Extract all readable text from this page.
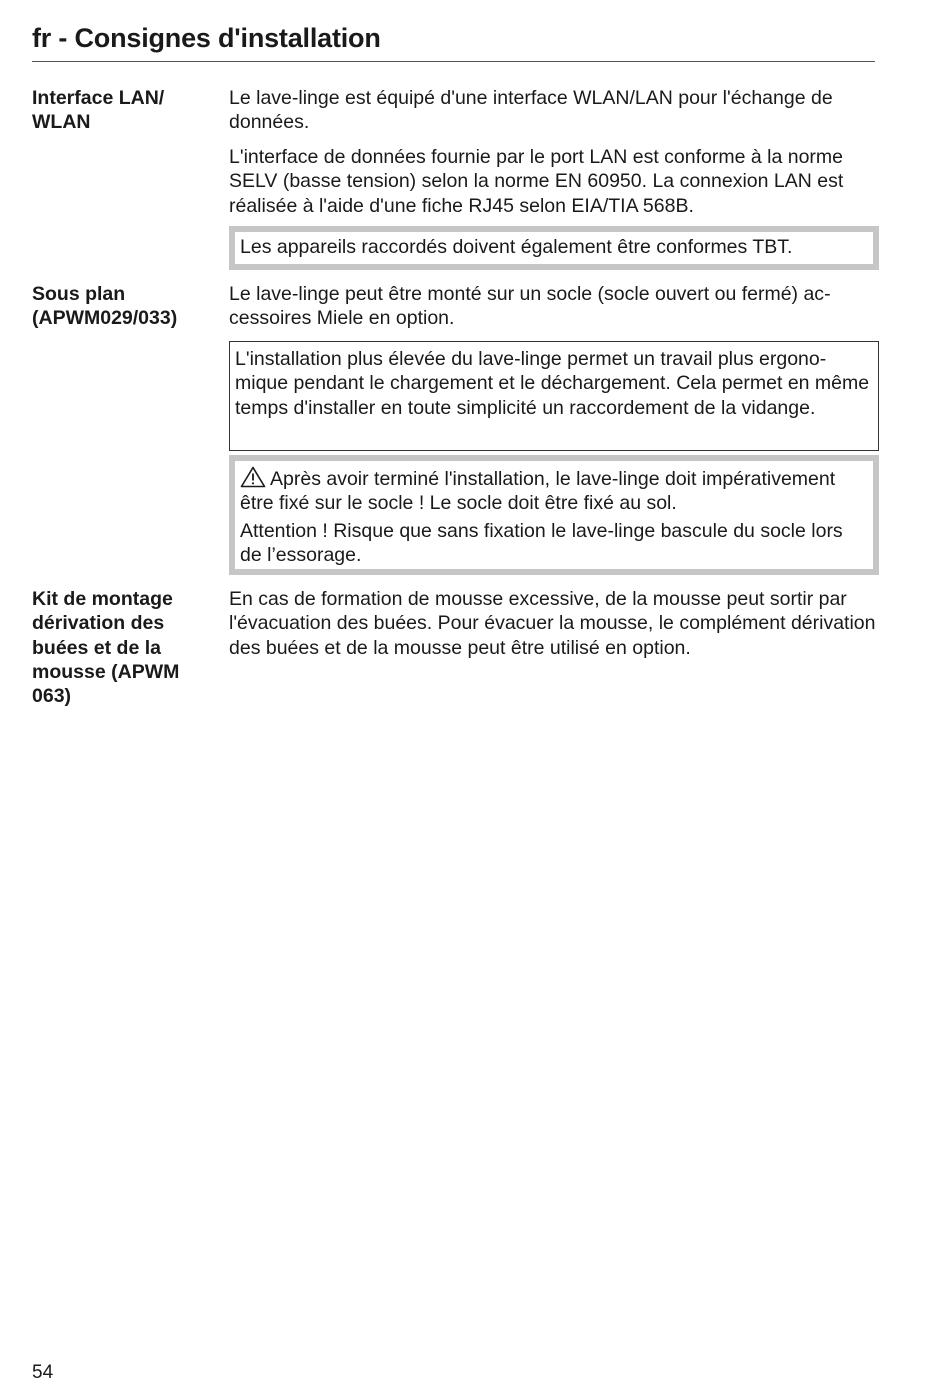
fr - Consignes d'installation
Interface LAN/
WLAN

Le lave-linge est équipé d'une interface WLAN/LAN pour l'échange de données.

L'interface de données fournie par le port LAN est conforme à la norme SELV (basse tension) selon la norme EN 60950. La connexion LAN est réalisée à l'aide d'une fiche RJ45 selon EIA/TIA 568B.

Les appareils raccordés doivent également être conformes TBT.

Sous plan
(APWM029/033)

Le lave-linge peut être monté sur un socle (socle ouvert ou fermé) accessoires Miele en option.

L'installation plus élevée du lave-linge permet un travail plus ergonomique pendant le chargement et le déchargement. Cela permet en même temps d'installer en toute simplicité un raccordement de la vidange.

Après avoir terminé l'installation, le lave-linge doit impérativement être fixé sur le socle ! Le socle doit être fixé au sol.

Attention ! Risque que sans fixation le lave-linge bascule du socle lors de l’essorage.

Kit de montage
dérivation des
buées et de la
mousse (APWM
063)

En cas de formation de mousse excessive, de la mousse peut sortir par l'évacuation des buées. Pour évacuer la mousse, le complément dérivation des buées et de la mousse peut être utilisé en option.

54
